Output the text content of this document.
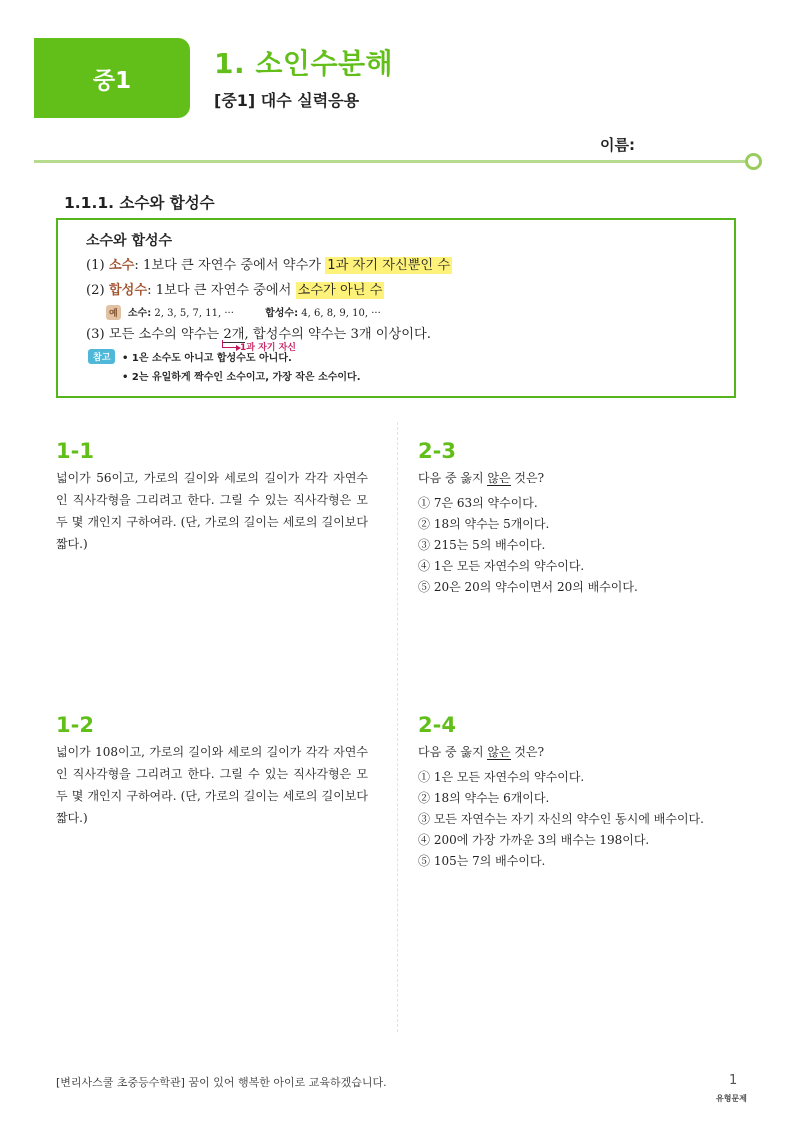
중1
1. 소인수분해
[중1] 대수 실력응용
이름:
1.1.1. 소수와 합성수
소수와 합성수
(1) 소수: 1보다 큰 자연수 중에서 약수가 1과 자기 자신뿐인 수
(2) 합성수: 1보다 큰 자연수 중에서 소수가 아닌 수
예 소수: 2, 3, 5, 7, 11, ···	합성수: 4, 6, 8, 9, 10, ···
(3) 모든 소수의 약수는 2개, 합성수의 약수는 3개 이상이다.
1과 자기 자신
참고	• 1은 소수도 아니고 합성수도 아니다.
• 2는 유일하게 짝수인 소수이고, 가장 작은 소수이다.
1-1
넓이가 56이고, 가로의 길이와 세로의 길이가 각각 자연수인 직사각형을 그리려고 한다. 그릴 수 있는 직사각형은 모두 몇 개인지 구하여라. (단, 가로의 길이는 세로의 길이보다 짧다.)
2-3
다음 중 옳지 않은 것은?
① 7은 63의 약수이다.
② 18의 약수는 5개이다.
③ 215는 5의 배수이다.
④ 1은 모든 자연수의 약수이다.
⑤ 20은 20의 약수이면서 20의 배수이다.
1-2
넓이가 108이고, 가로의 길이와 세로의 길이가 각각 자연수인 직사각형을 그리려고 한다. 그릴 수 있는 직사각형은 모두 몇 개인지 구하여라. (단, 가로의 길이는 세로의 길이보다 짧다.)
2-4
다음 중 옳지 않은 것은?
① 1은 모든 자연수의 약수이다.
② 18의 약수는 6개이다.
③ 모든 자연수는 자기 자신의 약수인 동시에 배수이다.
④ 200에 가장 가까운 3의 배수는 198이다.
⑤ 105는 7의 배수이다.
[변리사스쿨 초중등수학관] 꿈이 있어 행복한 아이로 교육하겠습니다.	1
유형문제
